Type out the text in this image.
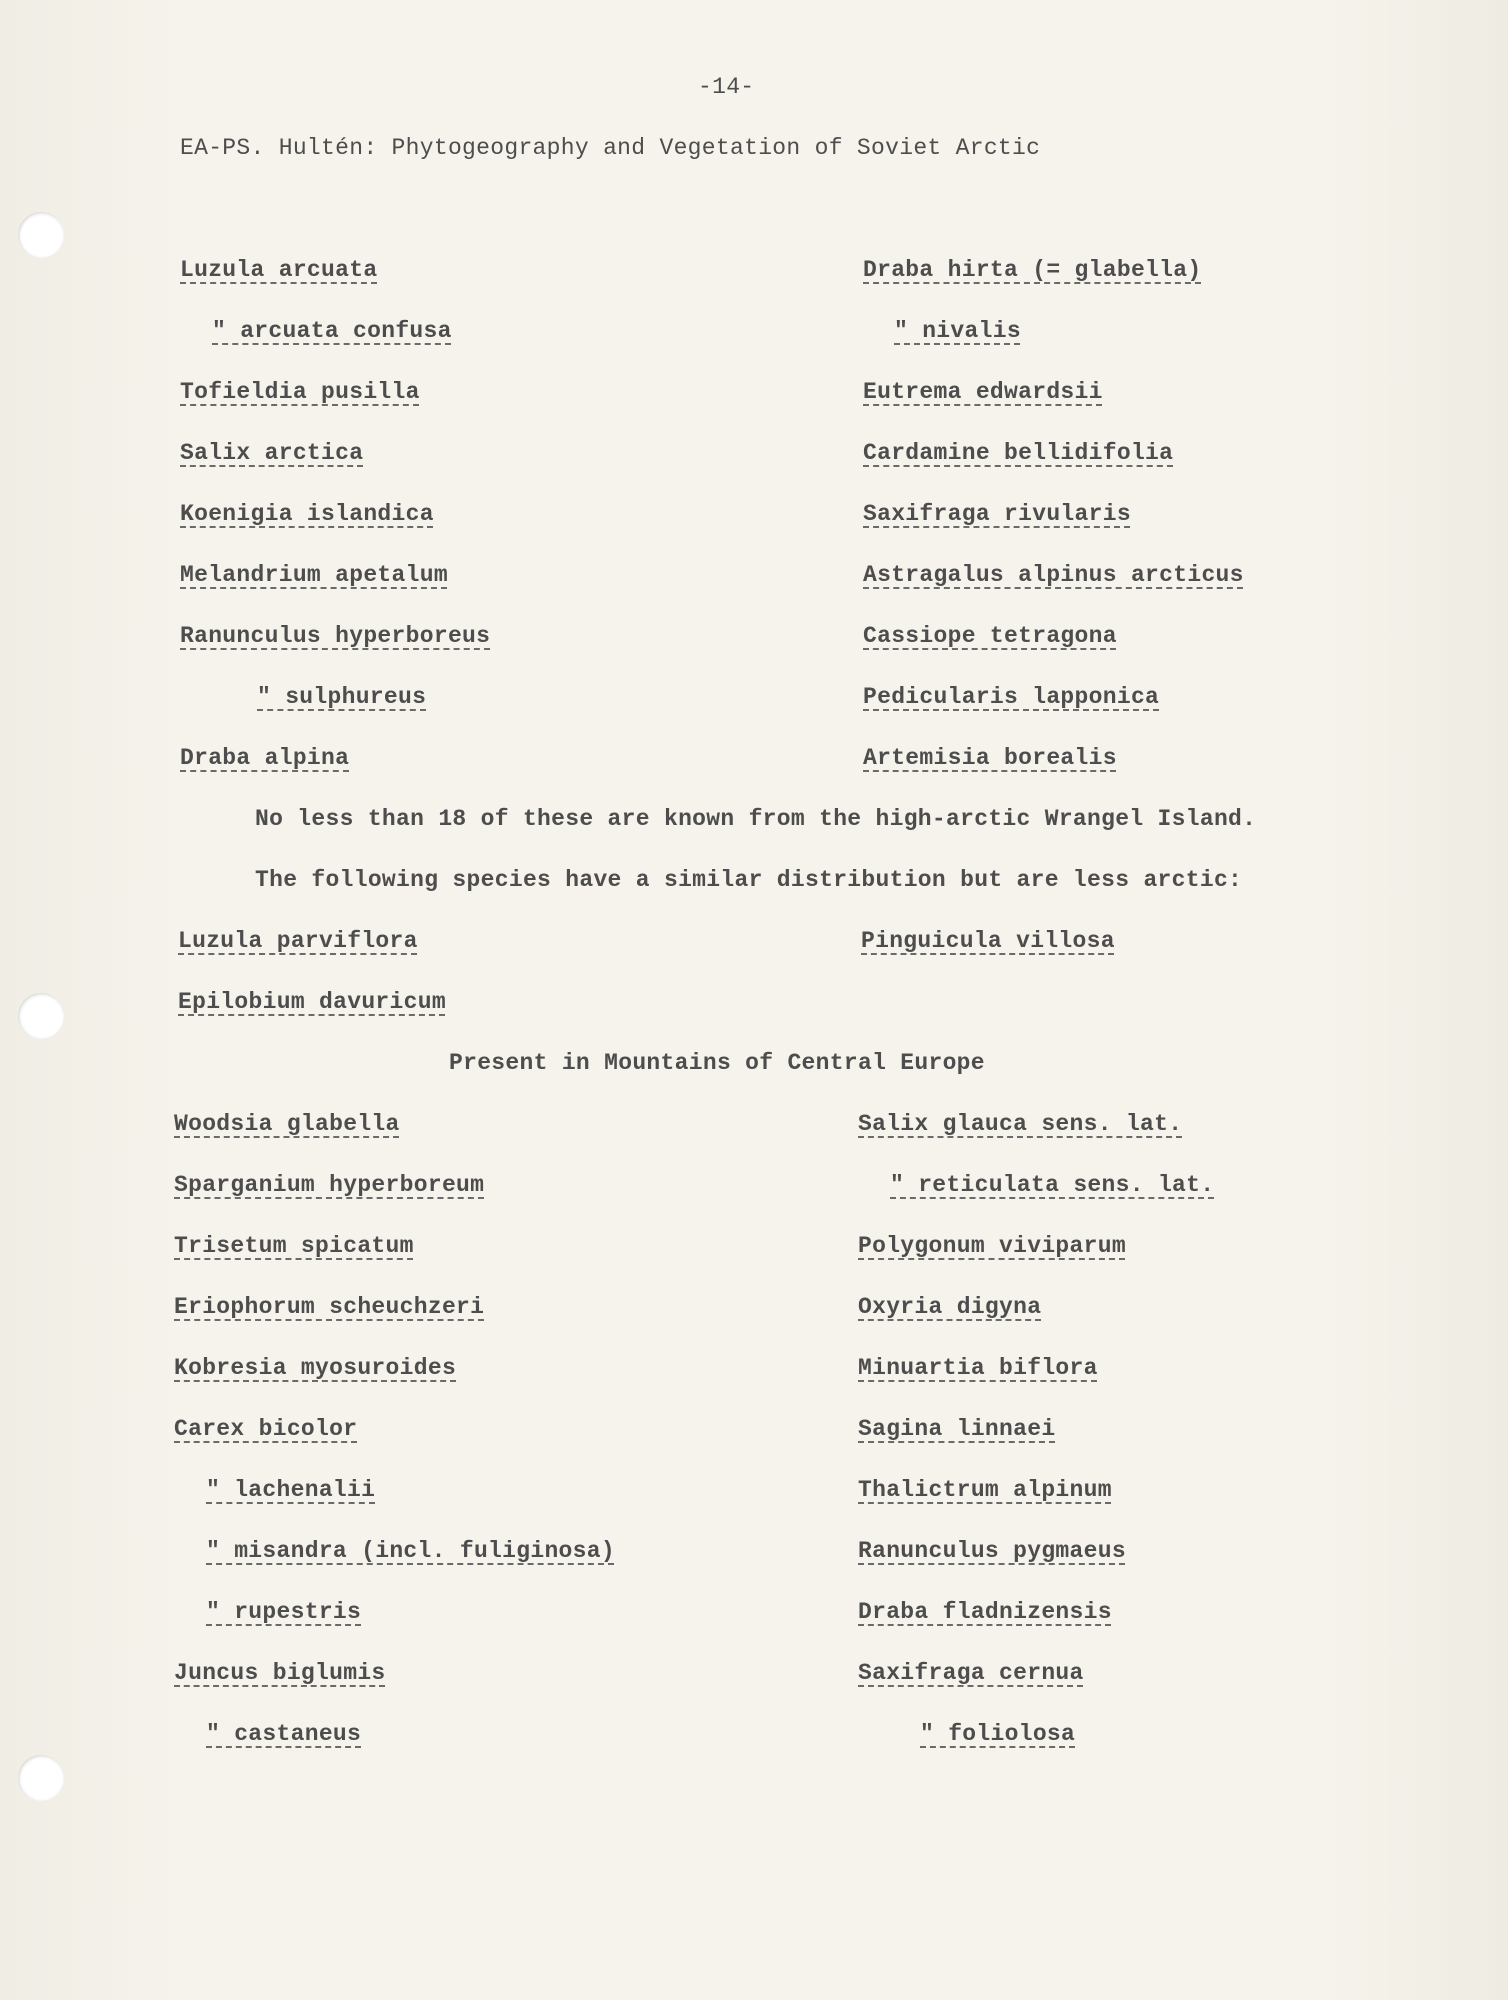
-14-
EA-PS. Hultén: Phytogeography and Vegetation of Soviet Arctic
Luzula arcuata
" arcuata confusa
Tofieldia pusilla
Salix arctica
Koenigia islandica
Melandrium apetalum
Ranunculus hyperboreus
" sulphureus
Draba alpina
Draba hirta (= glabella)
" nivalis
Eutrema edwardsii
Cardamine bellidifolia
Saxifraga rivularis
Astragalus alpinus arcticus
Cassiope tetragona
Pedicularis lapponica
Artemisia borealis
No less than 18 of these are known from the high-arctic Wrangel Island.
The following species have a similar distribution but are less arctic:
Luzula parviflora
Epilobium davuricum
Pinguicula villosa
Present in Mountains of Central Europe
Woodsia glabella
Sparganium hyperboreum
Trisetum spicatum
Eriophorum scheuchzeri
Kobresia myosuroides
Carex bicolor
" lachenalii
" misandra (incl. fuliginosa)
" rupestris
Juncus biglumis
" castaneus
Salix glauca sens. lat.
" reticulata sens. lat.
Polygonum viviparum
Oxyria digyna
Minuartia biflora
Sagina linnaei
Thalictrum alpinum
Ranunculus pygmaeus
Draba fladnizensis
Saxifraga cernua
" foliolosa
